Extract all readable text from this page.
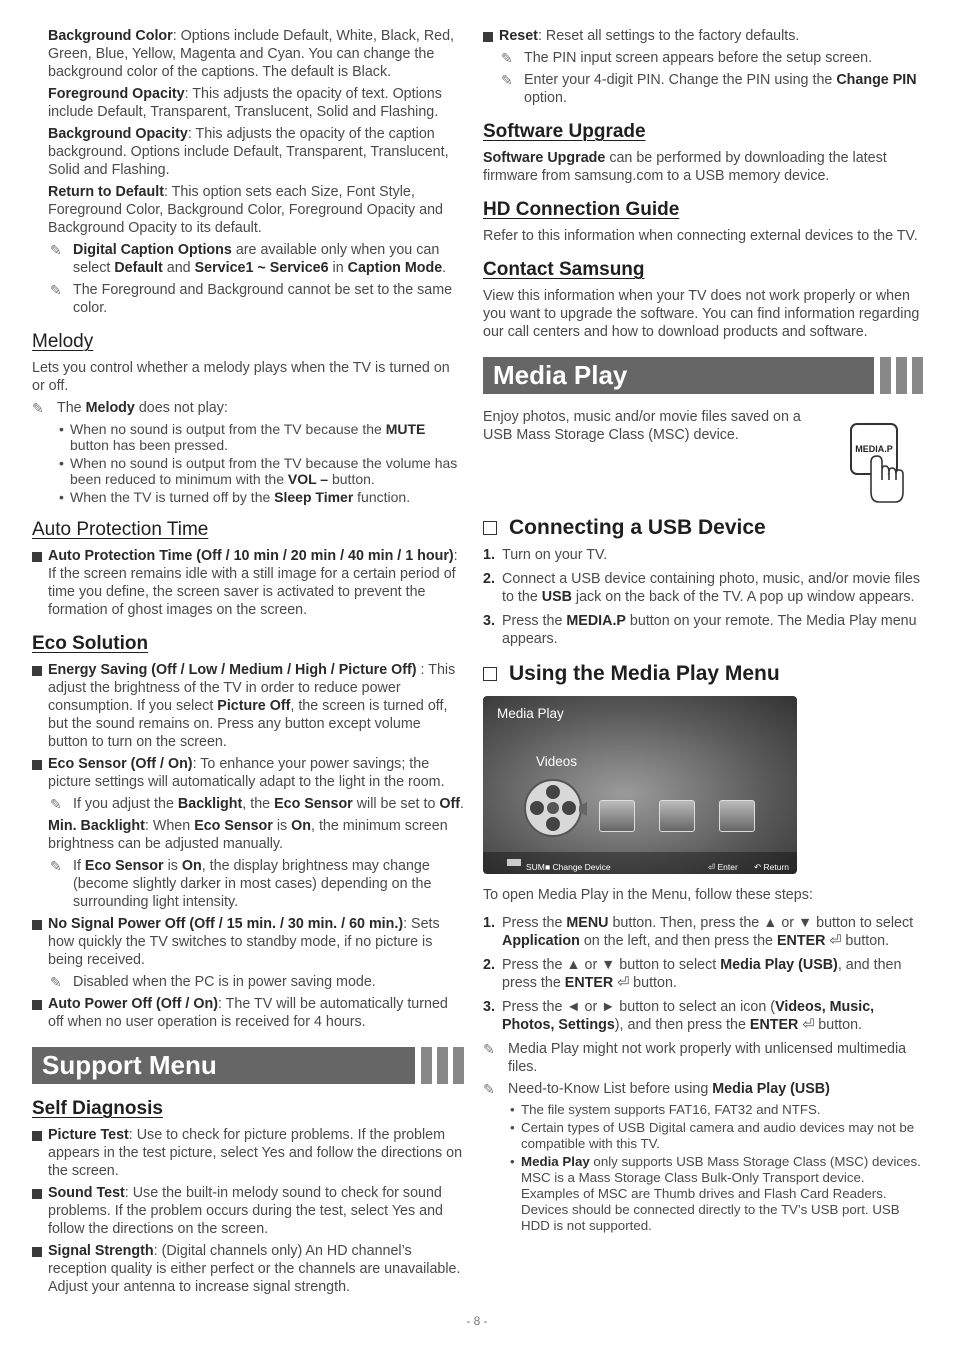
Background Color: Options include Default, White, Black, Red, Green, Blue, Yellow, Magenta and Cyan. You can change the background color of the captions. The default is Black.

Foreground Opacity: This adjusts the opacity of text. Options include Default, Transparent, Translucent, Solid and Flashing.

Background Opacity: This adjusts the opacity of the caption background. Options include Default, Transparent, Translucent, Solid and Flashing.

Return to Default: This option sets each Size, Font Style, Foreground Color, Background Color, Foreground Opacity and Background Opacity to its default.

✎ Digital Caption Options are available only when you can select Default and Service1 ~ Service6 in Caption Mode.
✎ The Foreground and Background cannot be set to the same color.
Melody

Lets you control whether a melody plays when the TV is turned on or off.

✎ The Melody does not play:
• When no sound is output from the TV because the MUTE button has been pressed.
• When no sound is output from the TV because the volume has been reduced to minimum with the VOL – button.
• When the TV is turned off by the Sleep Timer function.
Auto Protection Time
Auto Protection Time (Off / 10 min / 20 min / 40 min / 1 hour): If the screen remains idle with a still image for a certain period of time you define, the screen saver is activated to prevent the formation of ghost images on the screen.
Eco Solution
Energy Saving (Off / Low / Medium / High / Picture Off) : This adjust the brightness of the TV in order to reduce power consumption. If you select Picture Off, the screen is turned off, but the sound remains on. Press any button except volume button to turn on the screen.
Eco Sensor (Off / On): To enhance your power savings; the picture settings will automatically adapt to the light in the room.
✎ If you adjust the Backlight, the Eco Sensor will be set to Off.

Min. Backlight: When Eco Sensor is On, the minimum screen brightness can be adjusted manually.

✎ If Eco Sensor is On, the display brightness may change (become slightly darker in most cases) depending on the surrounding light intensity.
No Signal Power Off (Off / 15 min. / 30 min. / 60 min.): Sets how quickly the TV switches to standby mode, if no picture is being received.
✎ Disabled when the PC is in power saving mode.
Auto Power Off (Off / On): The TV will be automatically turned off when no user operation is received for 4 hours.
Support Menu
Self Diagnosis
Picture Test: Use to check for picture problems. If the problem appears in the test picture, select Yes and follow the directions on the screen.
Sound Test: Use the built-in melody sound to check for sound problems. If the problem occurs during the test, select Yes and follow the directions on the screen.
Signal Strength: (Digital channels only) An HD channel’s reception quality is either perfect or the channels are unavailable. Adjust your antenna to increase signal strength.
Reset: Reset all settings to the factory defaults.
✎ The PIN input screen appears before the setup screen.
✎ Enter your 4-digit PIN. Change the PIN using the Change PIN option.
Software Upgrade

Software Upgrade can be performed by downloading the latest firmware from samsung.com to a USB memory device.

HD Connection Guide

Refer to this information when connecting external devices to the TV.

Contact Samsung

View this information when your TV does not work properly or when you want to upgrade the software. You can find information regarding our call centers and how to download products and software.

Media Play

Enjoy photos, music and/or movie files saved on a USB Mass Storage Class (MSC) device.

MEDIA.P
Connecting a USB Device
1. Turn on your TV.
2. Connect a USB device containing photo, music, and/or movie files to the USB jack on the back of the TV. A pop up window appears.
3. Press the MEDIA.P button on your remote. The Media Play menu appears.
Using the Media Play Menu
Media Play
Videos
SUM ■ Change Device	⏎ Enter ↶ Return

To open Media Play in the Menu, follow these steps:

1. Press the MENU button. Then, press the ▲ or ▼ button to select Application on the left, and then press the ENTER ⏎ button.
2. Press the ▲ or ▼ button to select Media Play (USB), and then press the ENTER ⏎ button.
3. Press the ◄ or ► button to select an icon (Videos, Music, Photos, Settings), and then press the ENTER ⏎ button.
✎ Media Play might not work properly with unlicensed multimedia files.
✎ Need-to-Know List before using Media Play (USB)
• The file system supports FAT16, FAT32 and NTFS.
• Certain types of USB Digital camera and audio devices may not be compatible with this TV.
• Media Play only supports USB Mass Storage Class (MSC) devices. MSC is a Mass Storage Class Bulk-Only Transport device. Examples of MSC are Thumb drives and Flash Card Readers. Devices should be connected directly to the TV’s USB port. USB HDD is not supported.
- 8 -
